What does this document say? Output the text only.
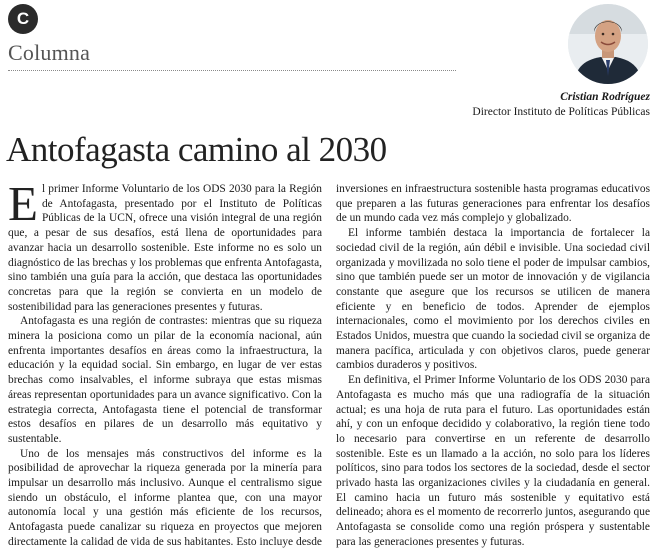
C
Columna
Cristian Rodríguez
Director Instituto de Políticas Públicas
Antofagasta camino al 2030

El primer Informe Voluntario de los ODS 2030 para la Región de Antofagasta, presentado por el Instituto de Políticas Públicas de la UCN, ofrece una visión integral de una región que, a pesar de sus desafíos, está llena de oportunidades para avanzar hacia un desarrollo sostenible. Este informe no es solo un diagnóstico de las brechas y los problemas que enfrenta Antofagasta, sino también una guía para la acción, que destaca las oportunidades concretas para que la región se convierta en un modelo de sostenibilidad para las generaciones presentes y futuras.

Antofagasta es una región de contrastes: mientras que su riqueza minera la posiciona como un pilar de la economía nacional, aún enfrenta importantes desafíos en áreas como la infraestructura, la educación y la equidad social. Sin embargo, en lugar de ver estas brechas como insalvables, el informe subraya que estas mismas áreas representan oportunidades para un avance significativo. Con la estrategia correcta, Antofagasta tiene el potencial de transformar estos desafíos en pilares de un desarrollo más equitativo y sustentable.

Uno de los mensajes más constructivos del informe es la posibilidad de aprovechar la riqueza generada por la minería para impulsar un desarrollo más inclusivo. Aunque el centralismo sigue siendo un obstáculo, el informe plantea que, con una mayor autonomía local y una gestión más eficiente de los recursos, Antofagasta puede canalizar su riqueza en proyectos que mejoren directamente la calidad de vida de sus habitantes. Esto incluye desde inversiones en infraestructura sostenible hasta programas educativos que preparen a las futuras generaciones para enfrentar los desafíos de un mundo cada vez más complejo y globalizado.

El informe también destaca la importancia de fortalecer la sociedad civil de la región, aún débil e invisible. Una sociedad civil organizada y movilizada no solo tiene el poder de impulsar cambios, sino que también puede ser un motor de innovación y de vigilancia constante que asegure que los recursos se utilicen de manera eficiente y en beneficio de todos. Aprender de ejemplos internacionales, como el movimiento por los derechos civiles en Estados Unidos, muestra que cuando la sociedad civil se organiza de manera pacífica, articulada y con objetivos claros, puede generar cambios duraderos y positivos.

En definitiva, el Primer Informe Voluntario de los ODS 2030 para Antofagasta es mucho más que una radiografía de la situación actual; es una hoja de ruta para el futuro. Las oportunidades están ahí, y con un enfoque decidido y colaborativo, la región tiene todo lo necesario para convertirse en un referente de desarrollo sostenible. Este es un llamado a la acción, no solo para los líderes políticos, sino para todos los sectores de la sociedad, desde el sector privado hasta las organizaciones civiles y la ciudadanía en general. El camino hacia un futuro más sostenible y equitativo está delineado; ahora es el momento de recorrerlo juntos, asegurando que Antofagasta se consolide como una región próspera y sustentable para las generaciones presentes y futuras.
